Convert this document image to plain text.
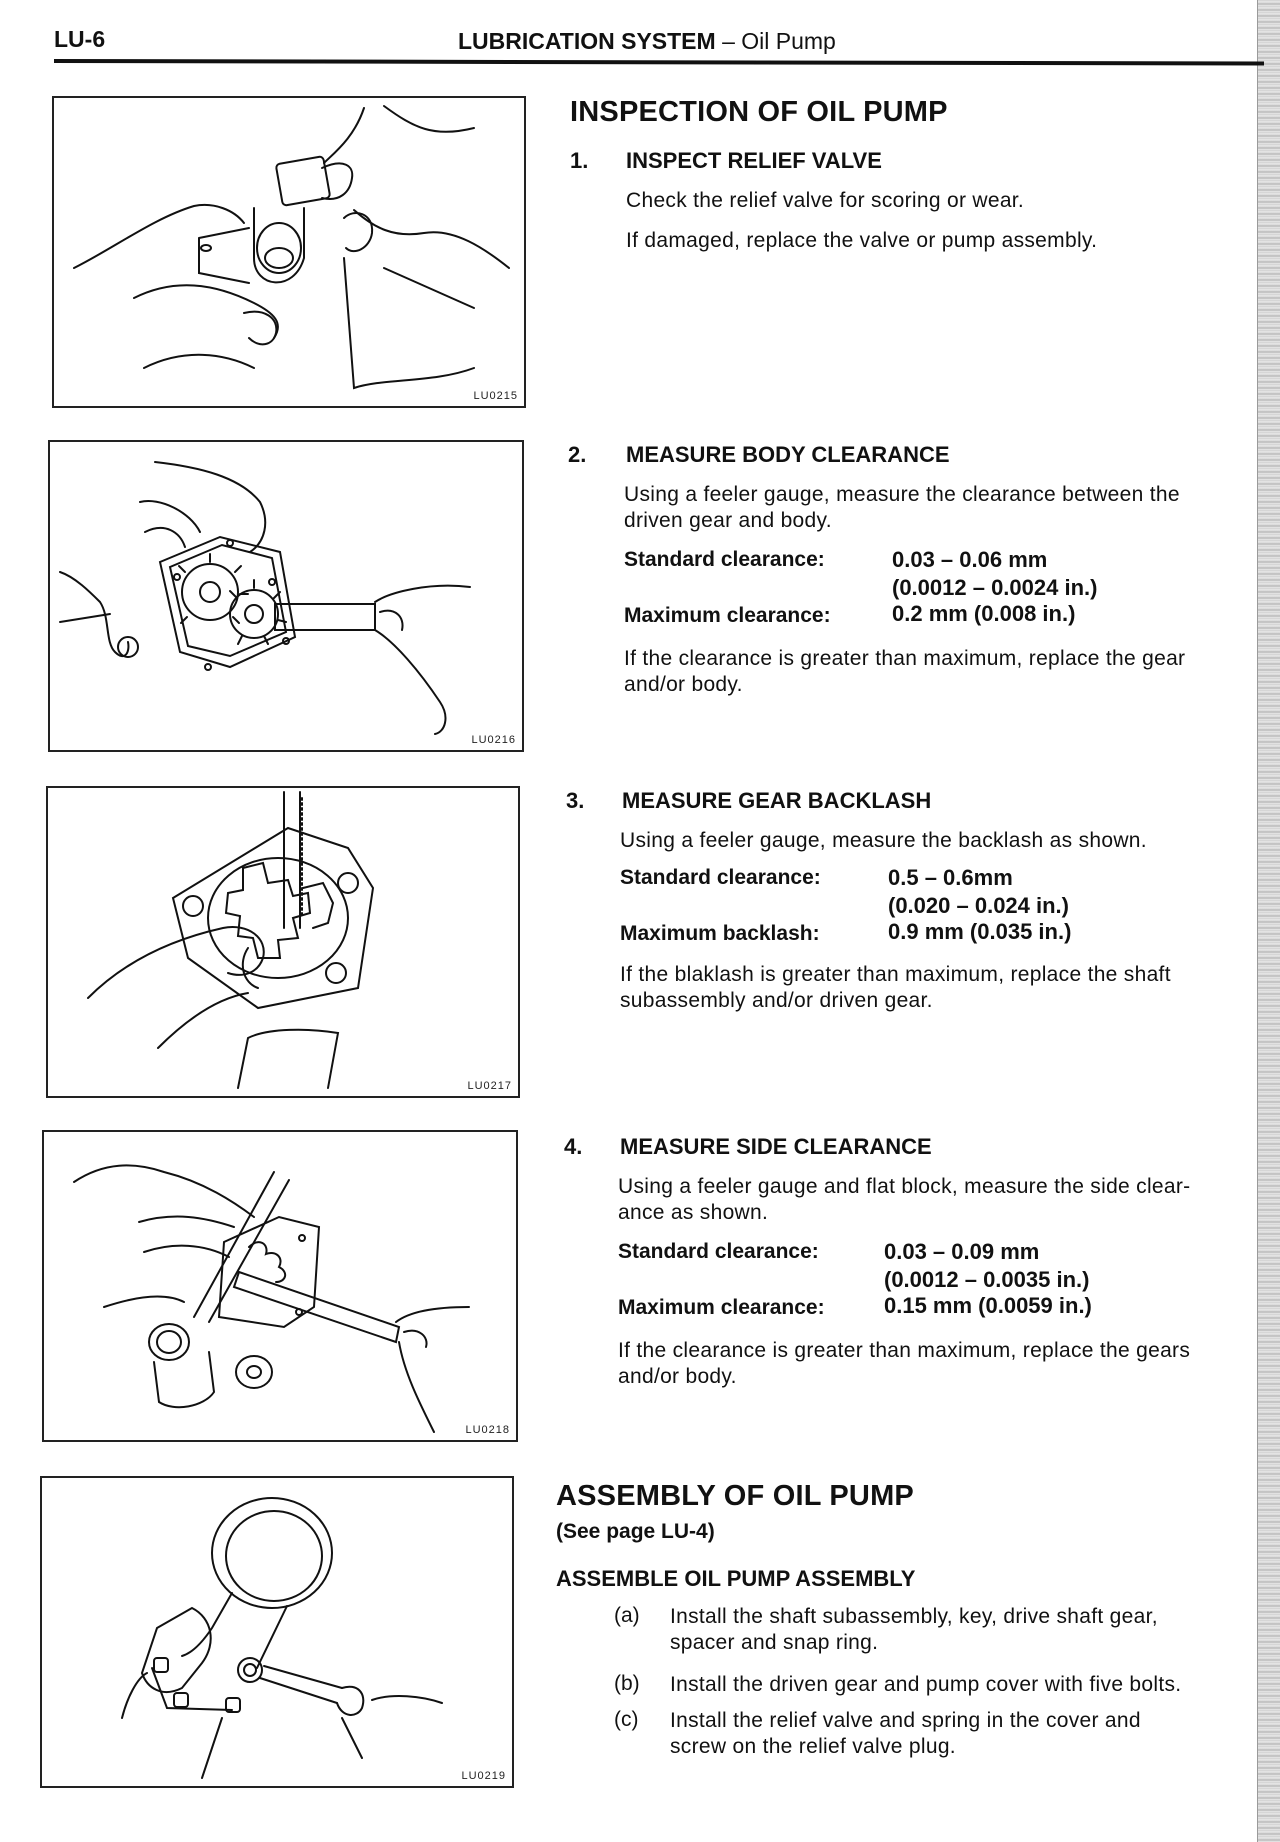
LU-6	LUBRICATION SYSTEM – Oil Pump
LU0215
LU0216
LU0217
LU0218
LU0219
INSPECTION OF OIL PUMP
1. INSPECT RELIEF VALVE
Check the relief valve for scoring or wear.
If damaged, replace the valve or pump assembly.
2. MEASURE BODY CLEARANCE
Using a feeler gauge, measure the clearance between the
driven gear and body.
Standard clearance:	0.03 – 0.06 mm
(0.0012 – 0.0024 in.)
Maximum clearance:	0.2 mm (0.008 in.)
If the clearance is greater than maximum, replace the gear
and/or body.
3. MEASURE GEAR BACKLASH
Using a feeler gauge, measure the backlash as shown.
Standard clearance:	0.5 – 0.6mm
(0.020 – 0.024 in.)
Maximum backlash:	0.9 mm (0.035 in.)
If the blaklash is greater than maximum, replace the shaft
subassembly and/or driven gear.
4. MEASURE SIDE CLEARANCE
Using a feeler gauge and flat block, measure the side clear-
ance as shown.
Standard clearance:	0.03 – 0.09 mm
(0.0012 – 0.0035 in.)
Maximum clearance:	0.15 mm (0.0059 in.)
If the clearance is greater than maximum, replace the gears
and/or body.
ASSEMBLY OF OIL PUMP
(See page LU-4)
ASSEMBLE OIL PUMP ASSEMBLY
(a) Install the shaft subassembly, key, drive shaft gear,
spacer and snap ring.
(b) Install the driven gear and pump cover with five bolts.
(c) Install the relief valve and spring in the cover and
screw on the relief valve plug.
